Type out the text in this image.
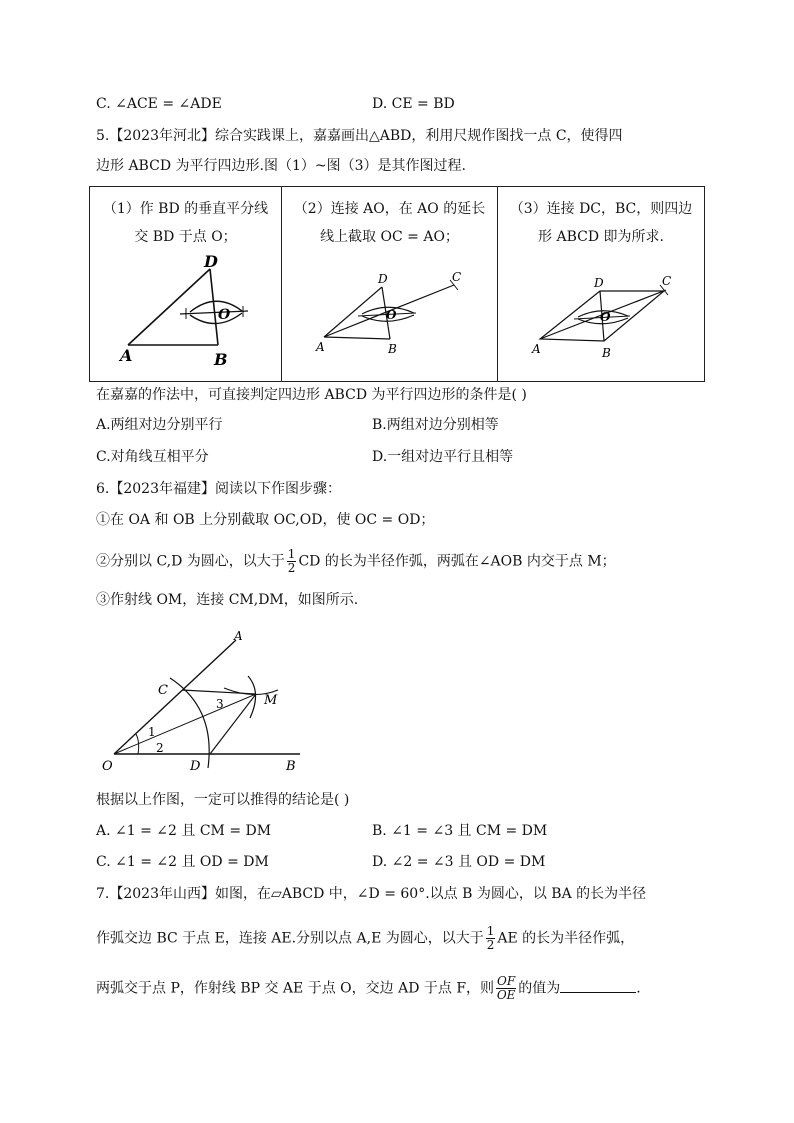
C. ∠ACE = ∠ADE	D. CE = BD
5.【2023年河北】综合实践课上，嘉嘉画出△ABD，利用尺规作图找一点 C，使得四
边形 ABCD 为平行四边形.图（1）~图（3）是其作图过程.
（1）作 BD 的垂直平分线交 BD 于点 O；
D
O
A	B
（2）连接 AO，在 AO 的延长线上截取 OC = AO；
D	C
O
A	B
（3）连接 DC，BC，则四边形 ABCD 即为所求.
D	C
O
A	B
在嘉嘉的作法中，可直接判定四边形 ABCD 为平行四边形的条件是( )
A.两组对边分别平行	B.两组对边分别相等
C.对角线互相平分	D.一组对边平行且相等
6.【2023年福建】阅读以下作图步骤：
①在 OA 和 OB 上分别截取 OC,OD，使 OC = OD；
②分别以 C,D 为圆心，以大于 $\frac{1}{2}$ CD 的长为半径作弧，两弧在∠AOB 内交于点 M；
③作射线 OM，连接 CM,DM，如图所示.
A
O	B
C
D
M
1
2
3
根据以上作图，一定可以推得的结论是( )
A. ∠1 = ∠2 且 CM = DM	B. ∠1 = ∠3 且 CM = DM
C. ∠1 = ∠2 且 OD = DM	D. ∠2 = ∠3 且 OD = DM
7.【2023年山西】如图，在▱ABCD 中，∠D = 60°.以点 B 为圆心，以 BA 的长为半径
作弧交边 BC 于点 E，连接 AE.分别以点 A,E 为圆心，以大于 $\frac{1}{2}$ AE 的长为半径作弧，
两弧交于点 P，作射线 BP 交 AE 于点 O，交边 AD 于点 F，则 $\frac{OF}{OE}$ 的值为	.
